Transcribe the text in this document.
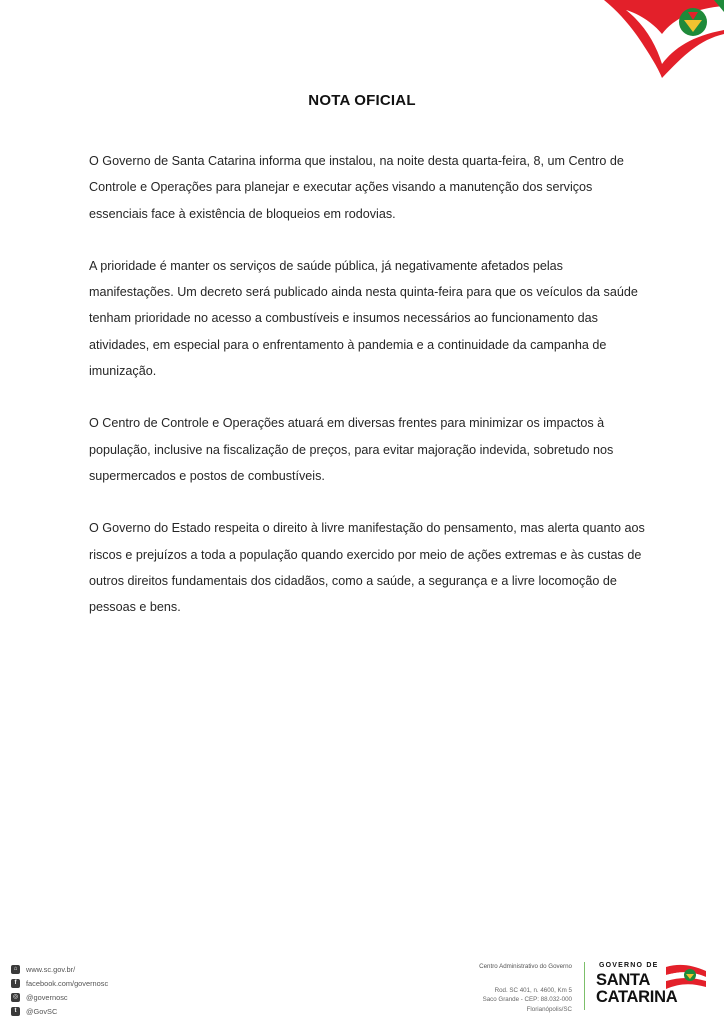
NOTA OFICIAL

O Governo de Santa Catarina informa que instalou, na noite desta quarta-feira, 8, um Centro de Controle e Operações para planejar e executar ações visando a manutenção dos serviços essenciais face à existência de bloqueios em rodovias.

A prioridade é manter os serviços de saúde pública, já negativamente afetados pelas manifestações. Um decreto será publicado ainda nesta quinta-feira para que os veículos da saúde tenham prioridade no acesso a combustíveis e insumos necessários ao funcionamento das atividades, em especial para o enfrentamento à pandemia e a continuidade da campanha de imunização.

O Centro de Controle e Operações atuará em diversas frentes para minimizar os impactos à população, inclusive na fiscalização de preços, para evitar majoração indevida, sobretudo nos supermercados e postos de combustíveis.

O Governo do Estado respeita o direito à livre manifestação do pensamento, mas alerta quanto aos riscos e prejuízos a toda a população quando exercido por meio de ações extremas e às custas de outros direitos fundamentais dos cidadãos, como a saúde, a segurança e a livre locomoção de pessoas e bens.

⌂	www.sc.gov.br/
f	facebook.com/governosc
◎ @governosc
t	@GovSC
Centro Administrativo do Governo
Rod. SC 401, n. 4600, Km 5
Saco Grande - CEP: 88.032-000
Florianópolis/SC
GOVERNO DE
SANTA
CATARINA
